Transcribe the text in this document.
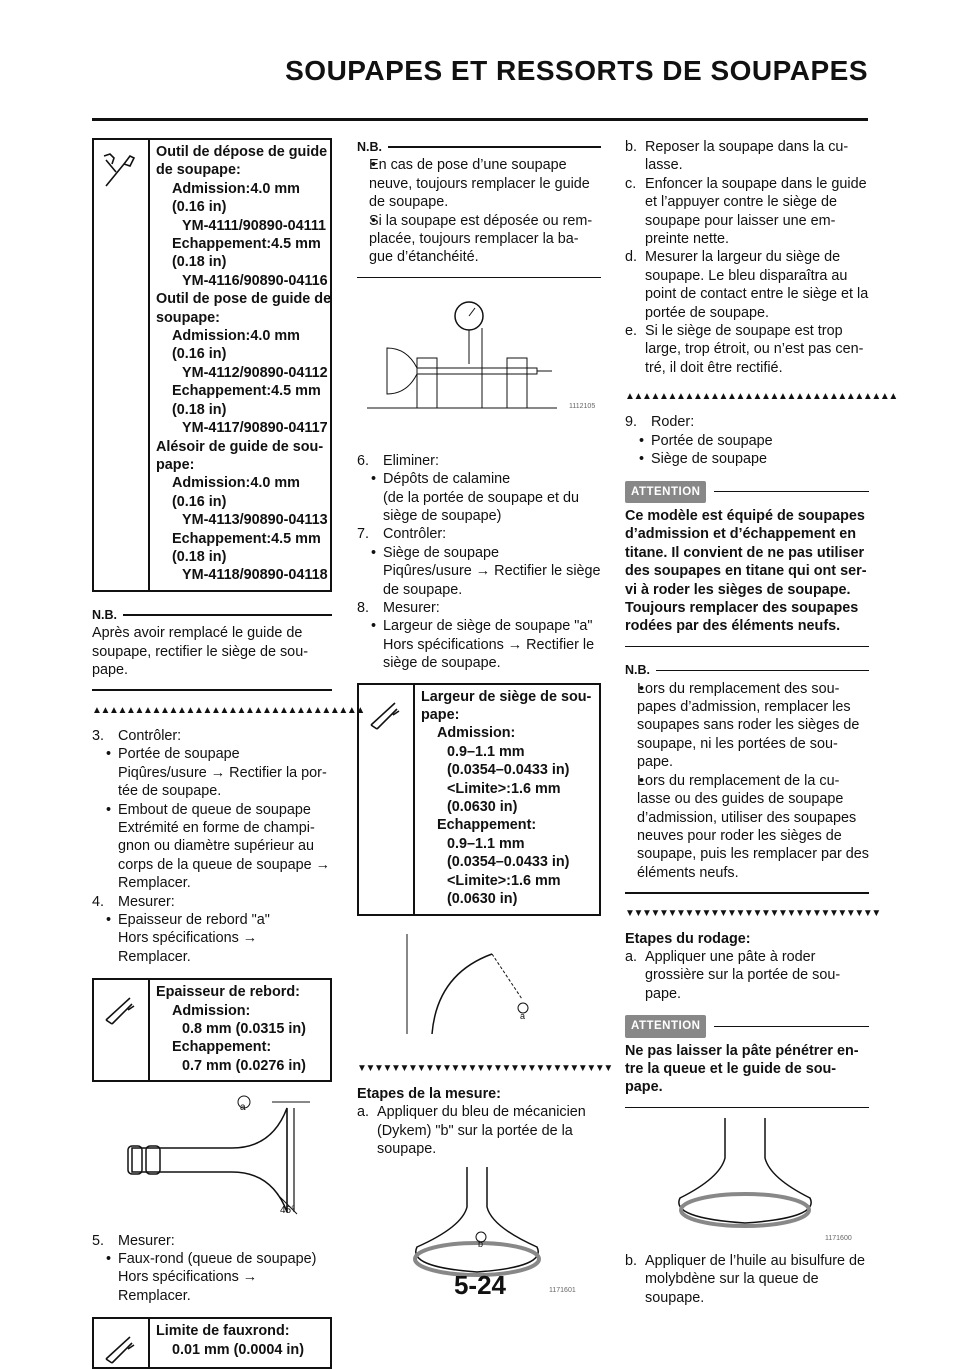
SOUPAPES ET RESSORTS DE SOUPAPES
Outil de dépose de guide
de soupape:
Admission:4.0 mm
(0.16 in)
YM-4111/90890-04111
Echappement:4.5 mm
(0.18 in)
YM-4116/90890-04116
Outil de pose de guide de
soupape:
Admission:4.0 mm
(0.16 in)
YM-4112/90890-04112
Echappement:4.5 mm
(0.18 in)
YM-4117/90890-04117
Alésoir de guide de sou-
pape:
Admission:4.0 mm
(0.16 in)
YM-4113/90890-04113
Echappement:4.5 mm
(0.18 in)
YM-4118/90890-04118
N.B.

Après avoir remplacé le guide de soupape, rectifier le siège de sou-pape.

▲▲▲▲▲▲▲▲▲▲▲▲▲▲▲▲▲▲▲▲▲▲▲▲▲▲▲▲▲▲▲▲
3. Contrôler:
• Portée de soupape
Piqûres/usure → Rectifier la por-tée de soupape.
• Embout de queue de soupape
Extrémité en forme de champi-gnon ou diamètre supérieur au corps de la queue de soupape → Remplacer.
4. Mesurer:
• Epaisseur de rebord "a"
Hors spécifications → Remplacer.
Epaisseur de rebord:
Admission:
0.8 mm (0.0315 in)
Echappement:
0.7 mm (0.0276 in)
a
45°
5. Mesurer:
• Faux-rond (queue de soupape)
Hors spécifications → Remplacer.
Limite de fauxrond:
0.01 mm (0.0004 in)
N.B.
• En cas de pose d’une soupape neuve, toujours remplacer le guide de soupape.
• Si la soupape est déposée ou rem-placée, toujours remplacer la ba-gue d’étanchéité.
1112105
6. Eliminer:
• Dépôts de calamine
(de la portée de soupape et du siège de soupape)
7. Contrôler:
• Siège de soupape
Piqûres/usure → Rectifier le siège de soupape.
8. Mesurer:
• Largeur de siège de soupape "a"
Hors spécifications → Rectifier le siège de soupape.
Largeur de siège de sou-
pape:
Admission:
0.9–1.1 mm
(0.0354–0.0433 in)
<Limite>:1.6 mm
(0.0630 in)
Echappement:
0.9–1.1 mm
(0.0354–0.0433 in)
<Limite>:1.6 mm
(0.0630 in)
a
▼▼▼▼▼▼▼▼▼▼▼▼▼▼▼▼▼▼▼▼▼▼▼▼▼▼▼▼▼▼

Etapes de la mesure:

a. Appliquer du bleu de mécanicien (Dykem) "b" sur la portée de la soupape.
1171601
b
b. Reposer la soupape dans la cu-lasse.
c. Enfoncer la soupape dans le guide et l’appuyer contre le siège de soupape pour laisser une em-preinte nette.
d. Mesurer la largeur du siège de soupape. Le bleu disparaîtra au point de contact entre le siège et la portée de soupape.
e. Si le siège de soupape est trop large, trop étroit, ou n’est pas cen-tré, il doit être rectifié.
▲▲▲▲▲▲▲▲▲▲▲▲▲▲▲▲▲▲▲▲▲▲▲▲▲▲▲▲▲▲▲▲
9. Roder:
• Portée de soupape
• Siège de soupape
ATTENTION

Ce modèle est équipé de soupapes d’admission et d’échappement en titane. Il convient de ne pas utiliser des soupapes en titane qui ont ser-vi à roder les sièges de soupape. Toujours remplacer des soupapes rodées par des éléments neufs.

N.B.
• Lors du remplacement des sou-papes d’admission, remplacer les soupapes sans roder les sièges de soupape, ni les portées de sou-pape.
• Lors du remplacement de la cu-lasse ou des guides de soupape d’admission, utiliser des soupapes neuves pour roder les sièges de soupape, puis les remplacer par des éléments neufs.
▼▼▼▼▼▼▼▼▼▼▼▼▼▼▼▼▼▼▼▼▼▼▼▼▼▼▼▼▼▼

Etapes du rodage:

a. Appliquer une pâte à roder grossière sur la portée de sou-pape.
ATTENTION

Ne pas laisser la pâte pénétrer en-tre la queue et le guide de sou-pape.

1171600
b. Appliquer de l’huile au bisulfure de molybdène sur la queue de soupape.
5-24
